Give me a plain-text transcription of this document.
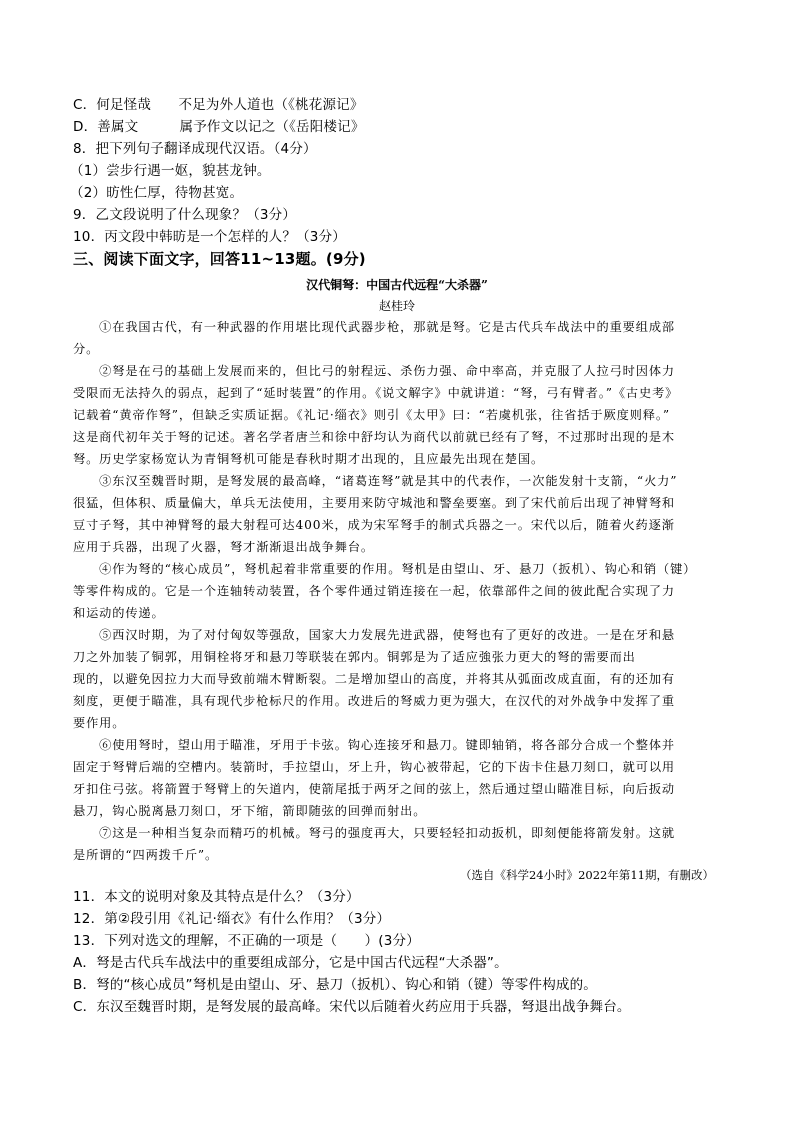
C．何足怪哉　　不足为外人道也（《桃花源记》
D．善属文　　　属予作文以记之（《岳阳楼记》
8．把下列句子翻译成现代汉语。（4分）
（1）尝步行遇一妪，貌甚龙钟。
（2）昉性仁厚，待物甚宽。
9．乙文段说明了什么现象？（3分）
10．丙文段中韩昉是一个怎样的人？（3分）
三、阅读下面文字，回答11~13题。(9分)
汉代铜弩：中国古代远程“大杀器”
赵桂玲
　　①在我国古代，有一种武器的作用堪比现代武器步枪，那就是弩。它是古代兵车战法中的重要组成部
分。
　　②弩是在弓的基础上发展而来的，但比弓的射程远、杀伤力强、命中率高，并克服了人拉弓时因体力
受限而无法持久的弱点，起到了“延时装置”的作用。《说文解字》中就讲道：“弩，弓有臂者。”《古史考》
记载着“黄帝作弩”，但缺乏实质证据。《礼记·缁衣》则引《太甲》曰：“若虞机张，往省括于厥度则释。”
这是商代初年关于弩的记述。著名学者唐兰和徐中舒均认为商代以前就已经有了弩，不过那时出现的是木
弩。历史学家杨宽认为青铜弩机可能是春秋时期才出现的，且应最先出现在楚国。
　　③东汉至魏晋时期，是弩发展的最高峰，“诸葛连弩”就是其中的代表作，一次能发射十支箭，“火力”
很猛，但体积、质量偏大，单兵无法使用，主要用来防守城池和警垒要塞。到了宋代前后出现了神臂弩和
豆寸子弩，其中神臂弩的最大射程可达400米，成为宋军弩手的制式兵器之一。宋代以后，随着火药逐渐
应用于兵器，出现了火器，弩才渐渐退出战争舞台。
　　④作为弩的“核心成员”，弩机起着非常重要的作用。弩机是由望山、牙、悬刀（扳机）、钩心和销（键）
等零件构成的。它是一个连轴转动装置，各个零件通过销连接在一起，依靠部件之间的彼此配合实现了力
和运动的传递。
　　⑤西汉时期，为了对付匈奴等强敌，国家大力发展先进武器，使弩也有了更好的改进。一是在牙和悬
刀之外加装了铜郭，用铜栓将牙和悬刀等联装在郭内。铜郭是为了适应強张力更大的弩的需要而出
现的，以避免因拉力大而导致前端木臂断裂。二是增加望山的高度，并将其从弧面改成直面，有的还加有
刻度，更便于瞄准，具有现代步枪标尺的作用。改进后的弩威力更为强大，在汉代的对外战争中发挥了重
要作用。
　　⑥使用弩时，望山用于瞄准，牙用于卡弦。钩心连接牙和悬刀。键即轴销，将各部分合成一个整体并
固定于弩臂后端的空槽内。装箭时，手拉望山，牙上升，钩心被带起，它的下齿卡住悬刀刻口，就可以用
牙扣住弓弦。将箭置于弩臂上的矢道内，使箭尾抵于两牙之间的弦上，然后通过望山瞄准目标，向后扳动
悬刀，钩心脱离悬刀刻口，牙下缩，箭即随弦的回弹而射出。
　　⑦这是一种相当复杂而精巧的机械。弩弓的强度再大，只要轻轻扣动扳机，即刻便能将箭发射。这就
是所谓的“四两拨千斤”。
（选自《科学24小时》2022年第11期，有删改）
11．本文的说明对象及其特点是什么？（3分）
12．第②段引用《礼记·缁衣》有什么作用？（3分）
13．下列对选文的理解，不正确的一项是（　　）(3分）
A．弩是古代兵车战法中的重要组成部分，它是中国古代远程“大杀器”。
B．弩的“核心成员”弩机是由望山、牙、悬刀（扳机）、钩心和销（键）等零件构成的。
C．东汉至魏晋时期，是弩发展的最高峰。宋代以后随着火药应用于兵器，弩退出战争舞台。
